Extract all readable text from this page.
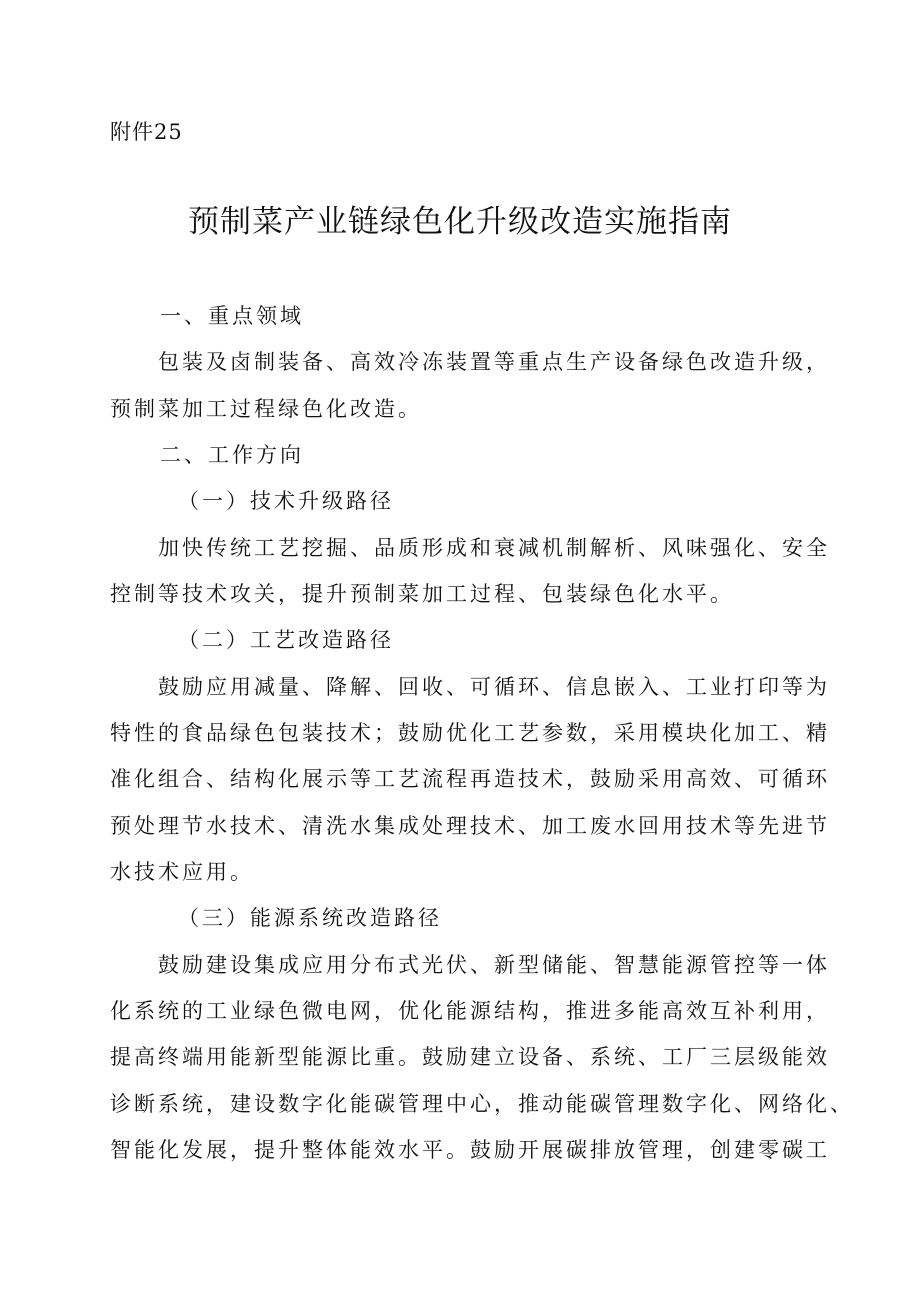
附件25
预制菜产业链绿色化升级改造实施指南
一、重点领域
包装及卤制装备、高效冷冻装置等重点生产设备绿色改造升级，
预制菜加工过程绿色化改造。
二、工作方向
（一）技术升级路径
加快传统工艺挖掘、品质形成和衰减机制解析、风味强化、安全
控制等技术攻关，提升预制菜加工过程、包装绿色化水平。
（二）工艺改造路径
鼓励应用减量、降解、回收、可循环、信息嵌入、工业打印等为
特性的食品绿色包装技术；鼓励优化工艺参数，采用模块化加工、精
准化组合、结构化展示等工艺流程再造技术，鼓励采用高效、可循环
预处理节水技术、清洗水集成处理技术、加工废水回用技术等先进节
水技术应用。
（三）能源系统改造路径
鼓励建设集成应用分布式光伏、新型储能、智慧能源管控等一体
化系统的工业绿色微电网，优化能源结构，推进多能高效互补利用，
提高终端用能新型能源比重。鼓励建立设备、系统、工厂三层级能效
诊断系统，建设数字化能碳管理中心，推动能碳管理数字化、网络化、
智能化发展，提升整体能效水平。鼓励开展碳排放管理，创建零碳工
